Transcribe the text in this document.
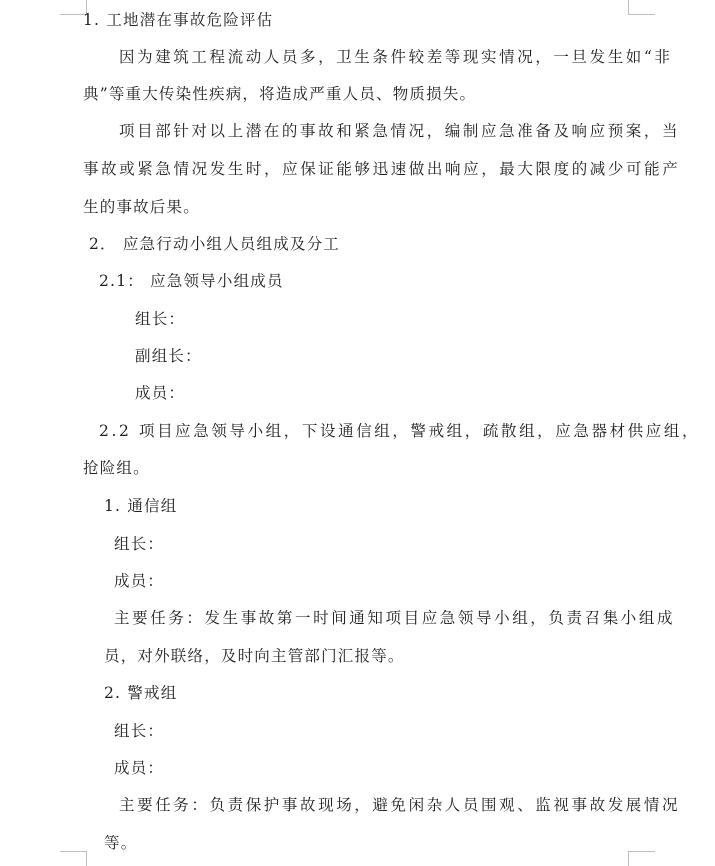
1. 工地潜在事故危险评估
因为建筑工程流动人员多，卫生条件较差等现实情况，一旦发生如“非
典”等重大传染性疾病，将造成严重人员、物质损失。
项目部针对以上潜在的事故和紧急情况，编制应急准备及响应预案，当
事故或紧急情况发生时，应保证能够迅速做出响应，最大限度的减少可能产
生的事故后果。
2． 应急行动小组人员组成及分工
2.1： 应急领导小组成员
组长：
副组长：
成员：
2.2 项目应急领导小组，下设通信组，警戒组，疏散组，应急器材供应组，
抢险组。
1. 通信组
组长：
成员：
主要任务：发生事故第一时间通知项目应急领导小组，负责召集小组成
员，对外联络，及时向主管部门汇报等。
2. 警戒组
组长：
成员：
主要任务：负责保护事故现场，避免闲杂人员围观、监视事故发展情况
等。
